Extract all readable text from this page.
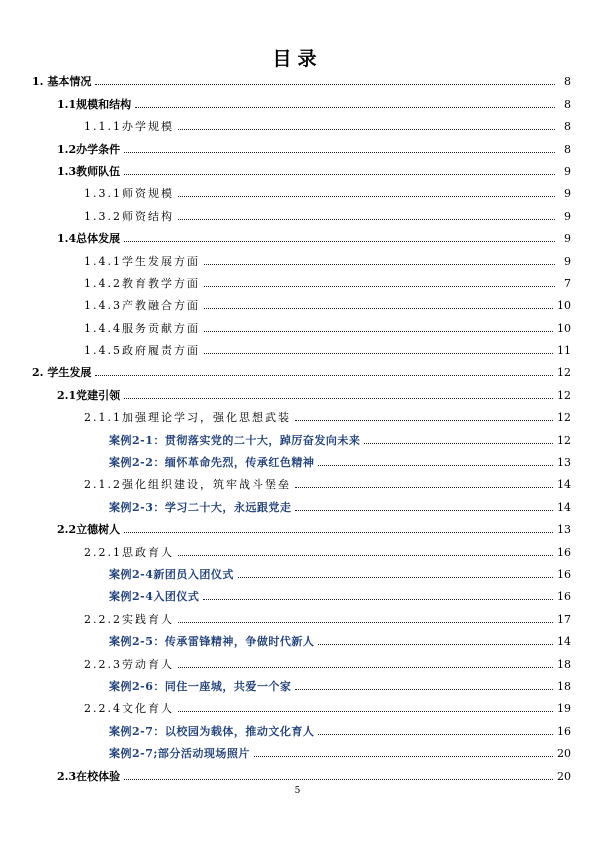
目录
1. 基本情况	8
1.1规模和结构	8
1.1.1办学规模	8
1.2办学条件	8
1.3教师队伍	9
1.3.1师资规模	9
1.3.2师资结构	9
1.4总体发展	9
1.4.1学生发展方面	9
1.4.2教育教学方面	7
1.4.3产教融合方面	10
1.4.4服务贡献方面	10
1.4.5政府履责方面	11
2. 学生发展	12
2.1党建引领	12
2.1.1加强理论学习，强化思想武装	12
案例2-1：贯彻落实党的二十大，踔厉奋发向未来	12
案例2-2：缅怀革命先烈，传承红色精神	13
2.1.2强化组织建设，筑牢战斗堡垒	14
案例2-3：学习二十大，永远跟党走	14
2.2立德树人	13
2.2.1思政育人	16
案例2-4新团员入团仪式	16
案例2-4入团仪式	16
2.2.2实践育人	17
案例2-5：传承雷锋精神，争做时代新人	14
2.2.3劳动育人	18
案例2-6：同住一座城，共爱一个家	18
2.2.4文化育人	19
案例2-7：以校园为载体，推动文化育人	16
案例2-7;部分活动现场照片	20
2.3在校体验	20
5
